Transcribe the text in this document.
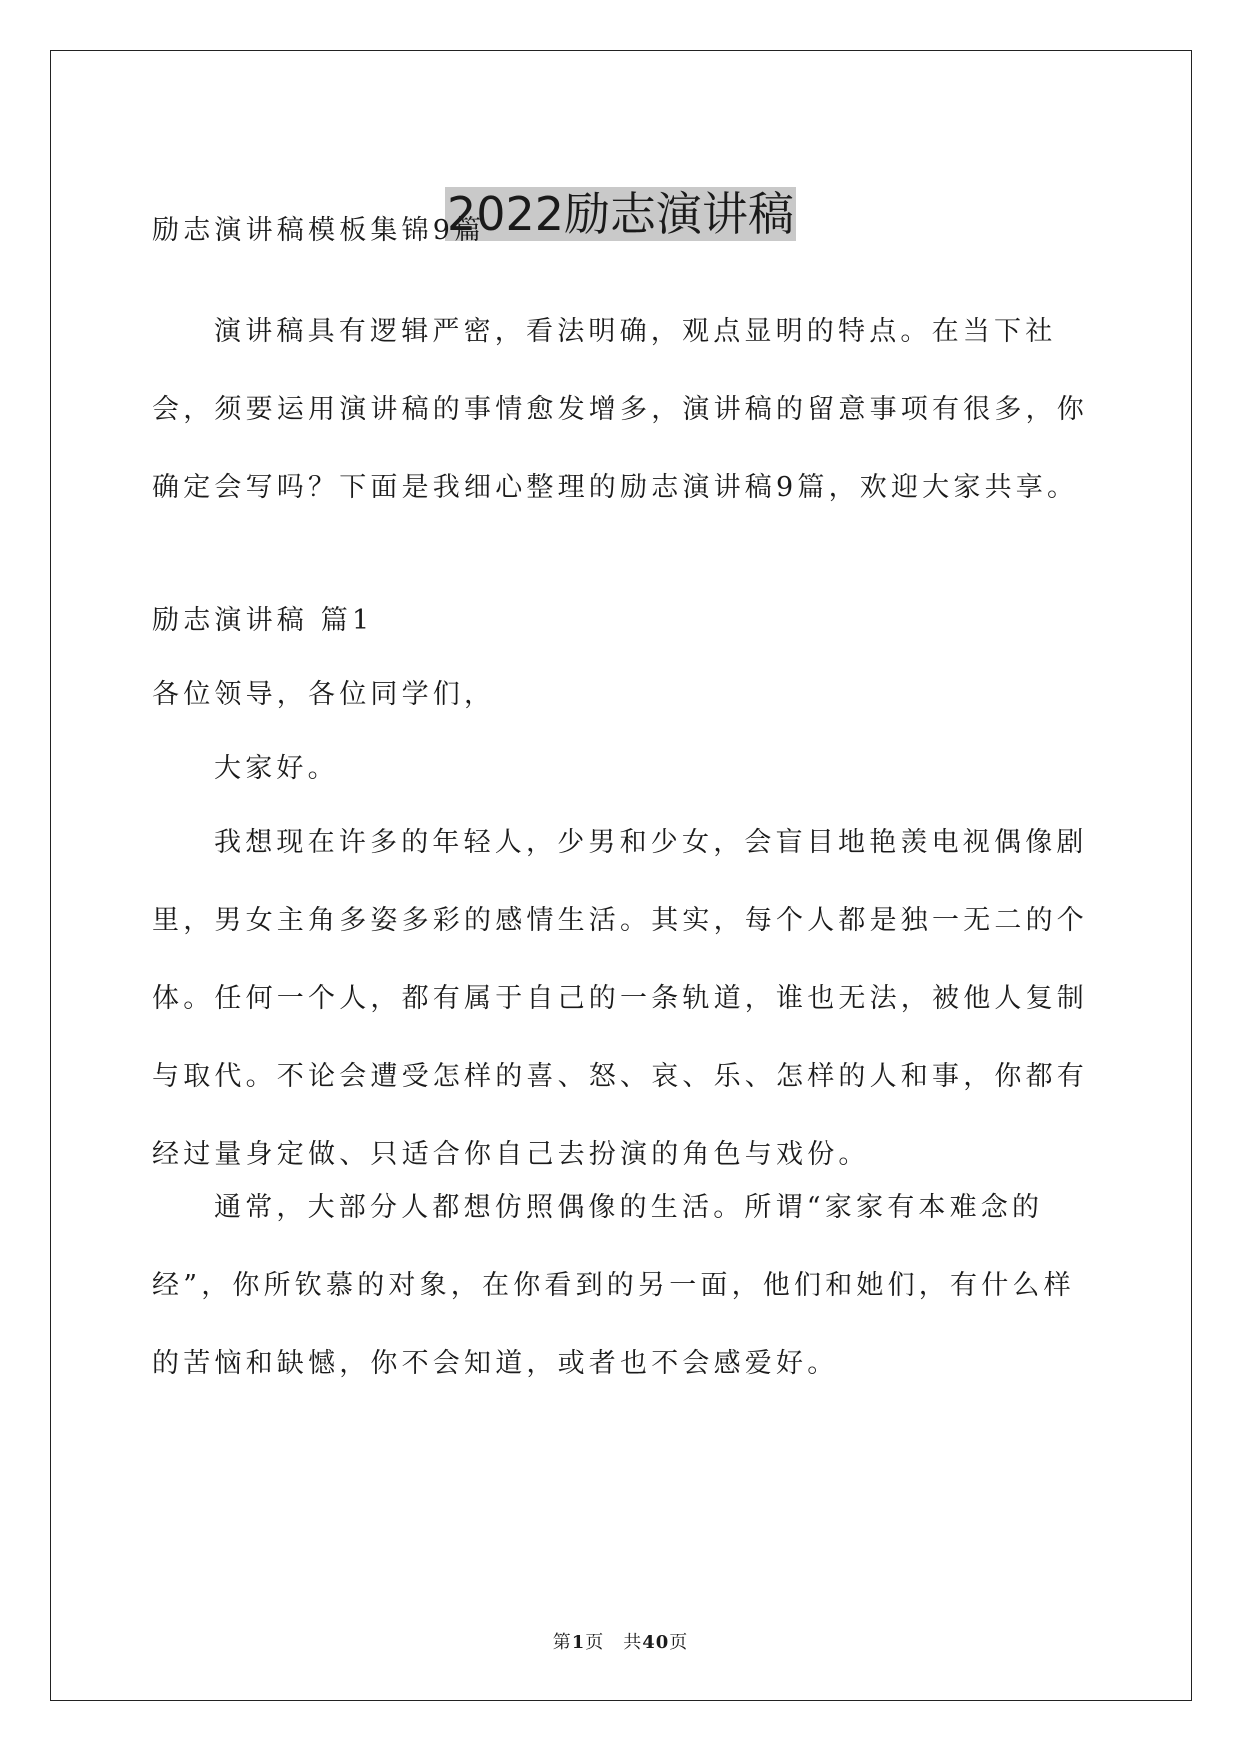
2022励志演讲稿

励志演讲稿模板集锦9篇

演讲稿具有逻辑严密，看法明确，观点显明的特点。在当下社会，须要运用演讲稿的事情愈发增多，演讲稿的留意事项有很多，你确定会写吗？下面是我细心整理的励志演讲稿9篇，欢迎大家共享。

励志演讲稿 篇1

各位领导，各位同学们，

大家好。

我想现在许多的年轻人，少男和少女，会盲目地艳羡电视偶像剧里，男女主角多姿多彩的感情生活。其实，每个人都是独一无二的个体。任何一个人，都有属于自己的一条轨道，谁也无法，被他人复制与取代。不论会遭受怎样的喜、怒、哀、乐、怎样的人和事，你都有经过量身定做、只适合你自己去扮演的角色与戏份。

通常，大部分人都想仿照偶像的生活。所谓“家家有本难念的经”，你所钦慕的对象，在你看到的另一面，他们和她们，有什么样的苦恼和缺憾，你不会知道，或者也不会感爱好。

第1页　共40页
